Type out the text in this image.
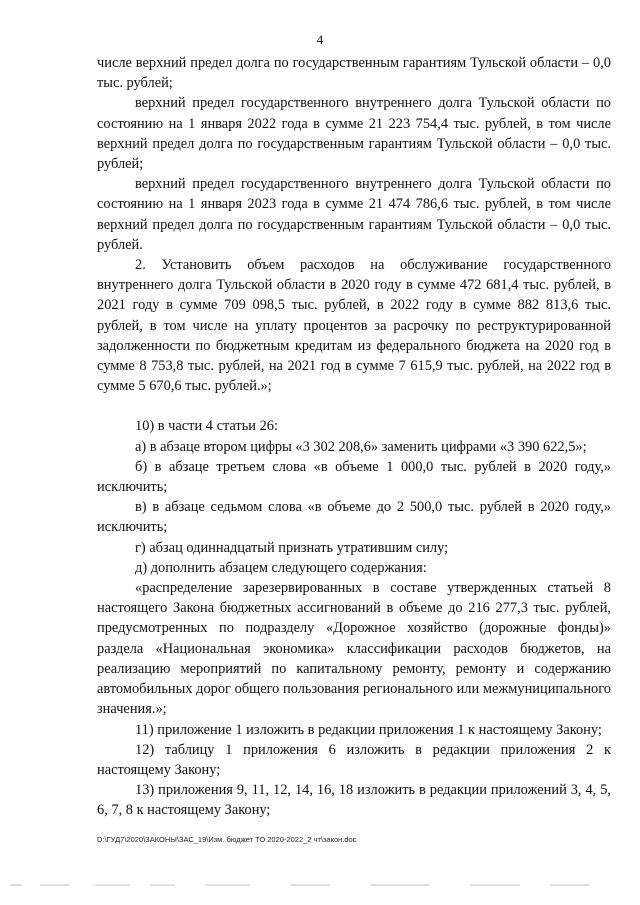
4

числе верхний предел долга по государственным гарантиям Тульской области – 0,0 тыс. рублей;

верхний предел государственного внутреннего долга Тульской области по состоянию на 1 января 2022 года в сумме 21 223 754,4 тыс. рублей, в том числе верхний предел долга по государственным гарантиям Тульской области – 0,0 тыс. рублей;

верхний предел государственного внутреннего долга Тульской области по состоянию на 1 января 2023 года в сумме 21 474 786,6 тыс. рублей, в том числе верхний предел долга по государственным гарантиям Тульской области – 0,0 тыс. рублей.

2. Установить объем расходов на обслуживание государственного внутреннего долга Тульской области в 2020 году в сумме 472 681,4 тыс. рублей, в 2021 году в сумме 709 098,5 тыс. рублей, в 2022 году в сумме 882 813,6 тыс. рублей, в том числе на уплату процентов за расрочку по реструктурированной задолженности по бюджетным кредитам из федерального бюджета на 2020 год в сумме 8 753,8 тыс. рублей, на 2021 год в сумме 7 615,9 тыс. рублей, на 2022 год в сумме 5 670,6 тыс. рублей.»;

10) в части 4 статьи 26:

а) в абзаце втором цифры «3 302 208,6» заменить цифрами «3 390 622,5»;

б) в абзаце третьем слова «в объеме 1 000,0 тыс. рублей в 2020 году,» исключить;

в) в абзаце седьмом слова «в объеме до 2 500,0 тыс. рублей в 2020 году,» исключить;

г) абзац одиннадцатый признать утратившим силу;

д) дополнить абзацем следующего содержания:

«распределение зарезервированных в составе утвержденных статьей 8 настоящего Закона бюджетных ассигнований в объеме до 216 277,3 тыс. рублей, предусмотренных по подразделу «Дорожное хозяйство (дорожные фонды)» раздела «Национальная экономика» классификации расходов бюджетов, на реализацию мероприятий по капитальному ремонту, ремонту и содержанию автомобильных дорог общего пользования регионального или межмуниципального значения.»;

11) приложение 1 изложить в редакции приложения 1 к настоящему Закону;

12) таблицу 1 приложения 6 изложить в редакции приложения 2 к настоящему Закону;

13) приложения 9, 11, 12, 14, 16, 18 изложить в редакции приложений 3, 4, 5, 6, 7, 8 к настоящему Закону;

D:\ГУД7\2020\ЗАКОНЫ\ЗАС_19\Изм. бюджет ТО 2020-2022_2 чт\закон.doc
